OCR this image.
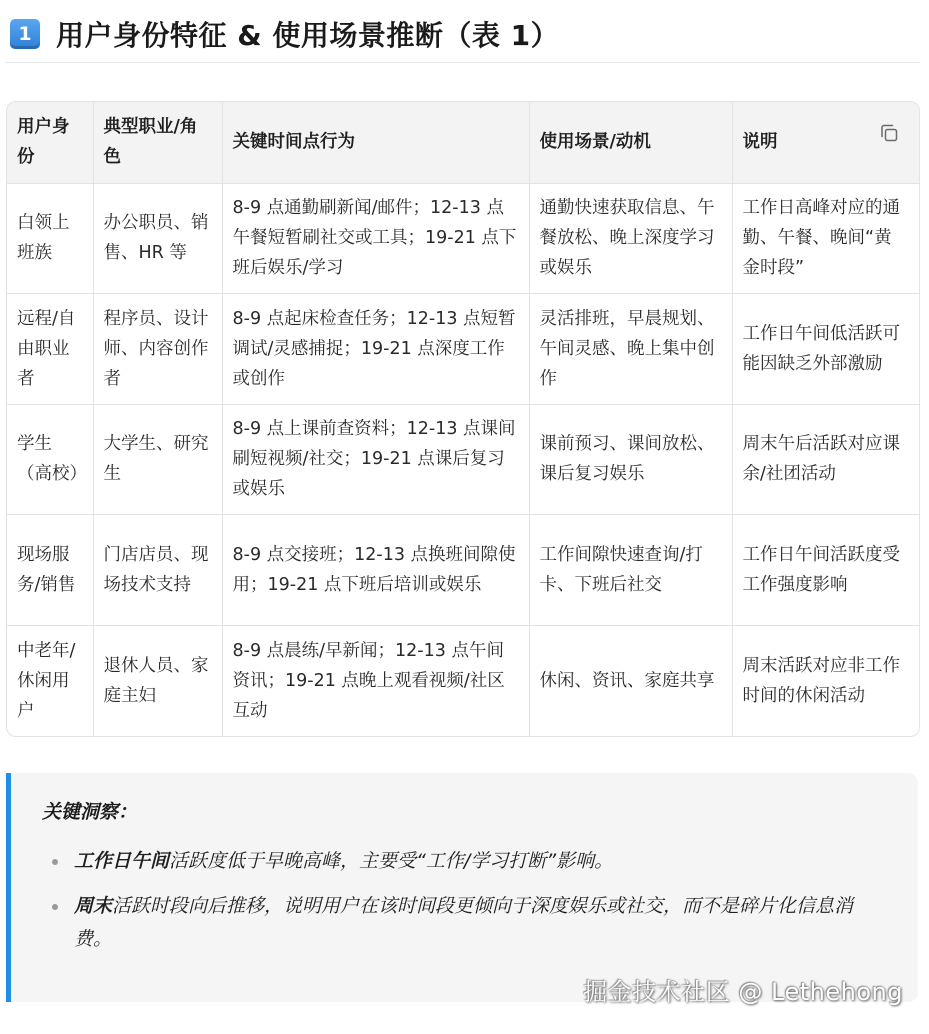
1 用户身份特征 & 使用场景推断（表 1）
用户身份	典型职业/角色	关键时间点行为	使用场景/动机	说明
白领上班族	办公职员、销售、HR 等	8-9 点通勤刷新闻/邮件；12-13 点午餐短暂刷社交或工具；19-21 点下班后娱乐/学习	通勤快速获取信息、午餐放松、晚上深度学习或娱乐	工作日高峰对应的通勤、午餐、晚间“黄金时段”
远程/自由职业者	程序员、设计师、内容创作者	8-9 点起床检查任务；12-13 点短暂调试/灵感捕捉；19-21 点深度工作或创作	灵活排班，早晨规划、午间灵感、晚上集中创作	工作日午间低活跃可能因缺乏外部激励
学生（高校）	大学生、研究生	8-9 点上课前查资料；12-13 点课间刷短视频/社交；19-21 点课后复习或娱乐	课前预习、课间放松、课后复习娱乐	周末午后活跃对应课余/社团活动
现场服务/销售	门店店员、现场技术支持	8-9 点交接班；12-13 点换班间隙使用；19-21 点下班后培训或娱乐	工作间隙快速查询/打卡、下班后社交	工作日午间活跃度受工作强度影响
中老年/休闲用户	退休人员、家庭主妇	8-9 点晨练/早新闻；12-13 点午间资讯；19-21 点晚上观看视频/社区互动	休闲、资讯、家庭共享	周末活跃对应非工作时间的休闲活动
关键洞察：
工作日午间活跃度低于早晚高峰，主要受“工作/学习打断”影响。
周末活跃时段向后推移，说明用户在该时间段更倾向于深度娱乐或社交，而不是碎片化信息消费。
掘金技术社区 @ Lethehong
